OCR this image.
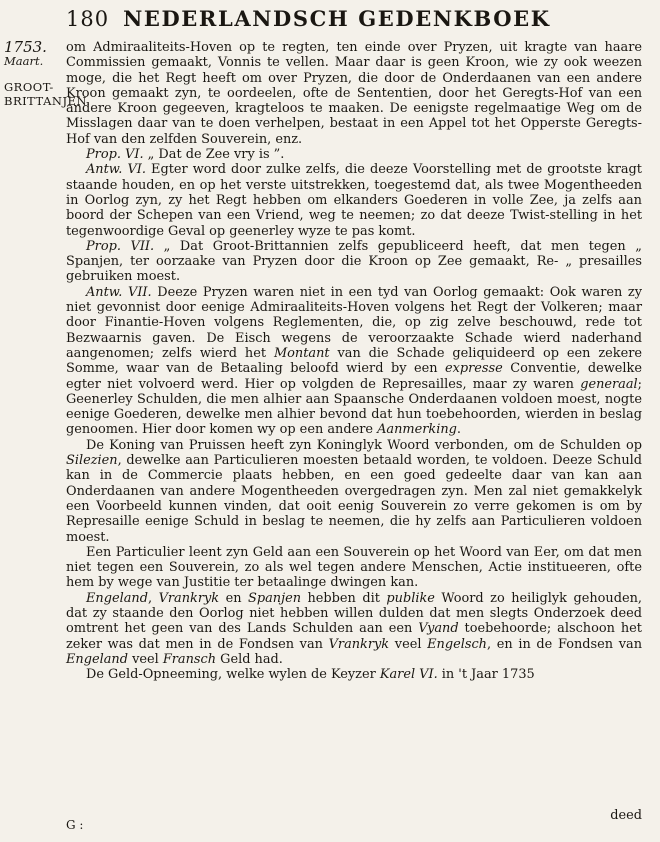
180 NEDERLANDSCH GEDENKBOEK
1753.
Maart.
GROOT-
BRITTANJEN.

om Admiraaliteits-Hoven op te regten, ten einde over Pryzen, uit kragte van haare Commissien gemaakt, Vonnis te vellen. Maar daar is geen Kroon, wie zy ook weezen moge, die het Regt heeft om over Pryzen, die door de Onderdaanen van een andere Kroon gemaakt zyn, te oordeelen, ofte de Sententien, door het Geregts-Hof van een andere Kroon gegeeven, kragteloos te maaken. De eenigste regelmaatige Weg om de Misslagen daar van te doen verhelpen, bestaat in een Appel tot het Opperste Geregts-Hof van den zelfden Souverein, enz.

Prop. VI. „ Dat de Zee vry is ”.

Antw. VI. Egter word door zulke zelfs, die deeze Voorstelling met de grootste kragt staande houden, en op het verste uitstrekken, toegestemd dat, als twee Mogentheeden in Oorlog zyn, zy het Regt hebben om elkanders Goederen in volle Zee, ja zelfs aan boord der Schepen van een Vriend, weg te neemen; zo dat deeze Twist-stelling in het tegenwoordige Geval op geenerley wyze te pas komt.

Prop. VII. „ Dat Groot-Brittannien zelfs gepubliceerd heeft, dat men tegen „ Spanjen, ter oorzaake van Pryzen door die Kroon op Zee gemaakt, Re- „ presailles gebruiken moest.

Antw. VII. Deeze Pryzen waren niet in een tyd van Oorlog gemaakt: Ook waren zy niet gevonnist door eenige Admiraaliteits-Hoven volgens het Regt der Volkeren; maar door Finantie-Hoven volgens Reglementen, die, op zig zelve beschouwd, rede tot Bezwaarnis gaven. De Eisch wegens de veroorzaakte Schade wierd naderhand aangenomen; zelfs wierd het Montant van die Schade geliquideerd op een zekere Somme, waar van de Betaaling beloofd wierd by een expresse Conventie, dewelke egter niet volvoerd werd. Hier op volgden de Represailles, maar zy waren generaal; Geenerley Schulden, die men alhier aan Spaansche Onderdaanen voldoen moest, nogte eenige Goederen, dewelke men alhier bevond dat hun toebehoorden, wierden in beslag genoomen. Hier door komen wy op een andere Aanmerking.

De Koning van Pruissen heeft zyn Koninglyk Woord verbonden, om de Schulden op Silezien, dewelke aan Particulieren moesten betaald worden, te voldoen. Deeze Schuld kan in de Commercie plaats hebben, en een goed gedeelte daar van kan aan Onderdaanen van andere Mogentheeden overgedragen zyn. Men zal niet gemakkelyk een Voorbeeld kunnen vinden, dat ooit eenig Souverein zo verre gekomen is om by Represaille eenige Schuld in beslag te neemen, die hy zelfs aan Particulieren voldoen moest.

Een Particulier leent zyn Geld aan een Souverein op het Woord van Eer, om dat men niet tegen een Souverein, zo als wel tegen andere Menschen, Actie institueeren, ofte hem by wege van Justitie ter betaalinge dwingen kan.

Engeland, Vrankryk en Spanjen hebben dit publike Woord zo heiliglyk gehouden, dat zy staande den Oorlog niet hebben willen dulden dat men slegts Onderzoek deed omtrent het geen van des Lands Schulden aan een Vyand toebehoorde; alschoon het zeker was dat men in de Fondsen van Vrankryk veel Engelsch, en in de Fondsen van Engeland veel Fransch Geld had.

De Geld-Opneeming, welke wylen de Keyzer Karel VI. in 't Jaar 1735

deed
G :
